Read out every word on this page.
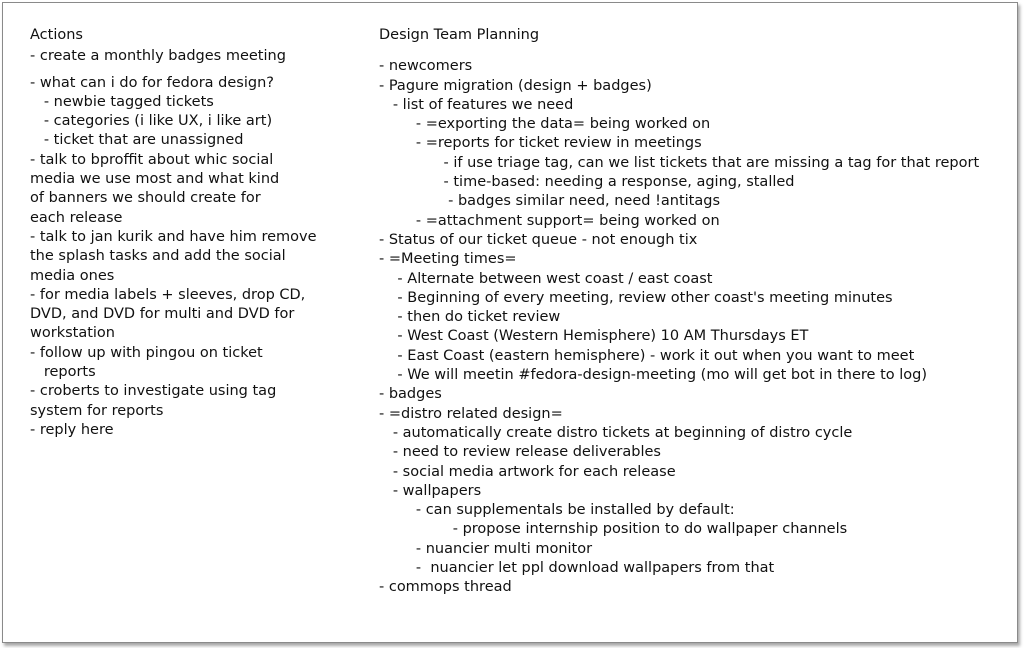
Actions
- create a monthly badges meeting
- what can i do for fedora design?
- newbie tagged tickets
- categories (i like UX, i like art)
- ticket that are unassigned
- talk to bproffit about whic social
media we use most and what kind
of banners we should create for
each release
- talk to jan kurik and have him remove
the splash tasks and add the social
media ones
- for media labels + sleeves, drop CD,
DVD, and DVD for multi and DVD for
workstation
- follow up with pingou on ticket
reports
- croberts to investigate using tag
system for reports
- reply here
Design Team Planning
- newcomers
- Pagure migration (design + badges)
- list of features we need
- =exporting the data= being worked on
- =reports for ticket review in meetings
- if use triage tag, can we list tickets that are missing a tag for that report
- time-based: needing a response, aging, stalled
- badges similar need, need !antitags
- =attachment support= being worked on
- Status of our ticket queue - not enough tix
- =Meeting times=
- Alternate between west coast / east coast
- Beginning of every meeting, review other coast's meeting minutes
- then do ticket review
- West Coast (Western Hemisphere) 10 AM Thursdays ET
- East Coast (eastern hemisphere) - work it out when you want to meet
- We will meetin #fedora-design-meeting (mo will get bot in there to log)
- badges
- =distro related design=
- automatically create distro tickets at beginning of distro cycle
- need to review release deliverables
- social media artwork for each release
- wallpapers
- can supplementals be installed by default:
- propose internship position to do wallpaper channels
- nuancier multi monitor
-  nuancier let ppl download wallpapers from that
- commops thread
